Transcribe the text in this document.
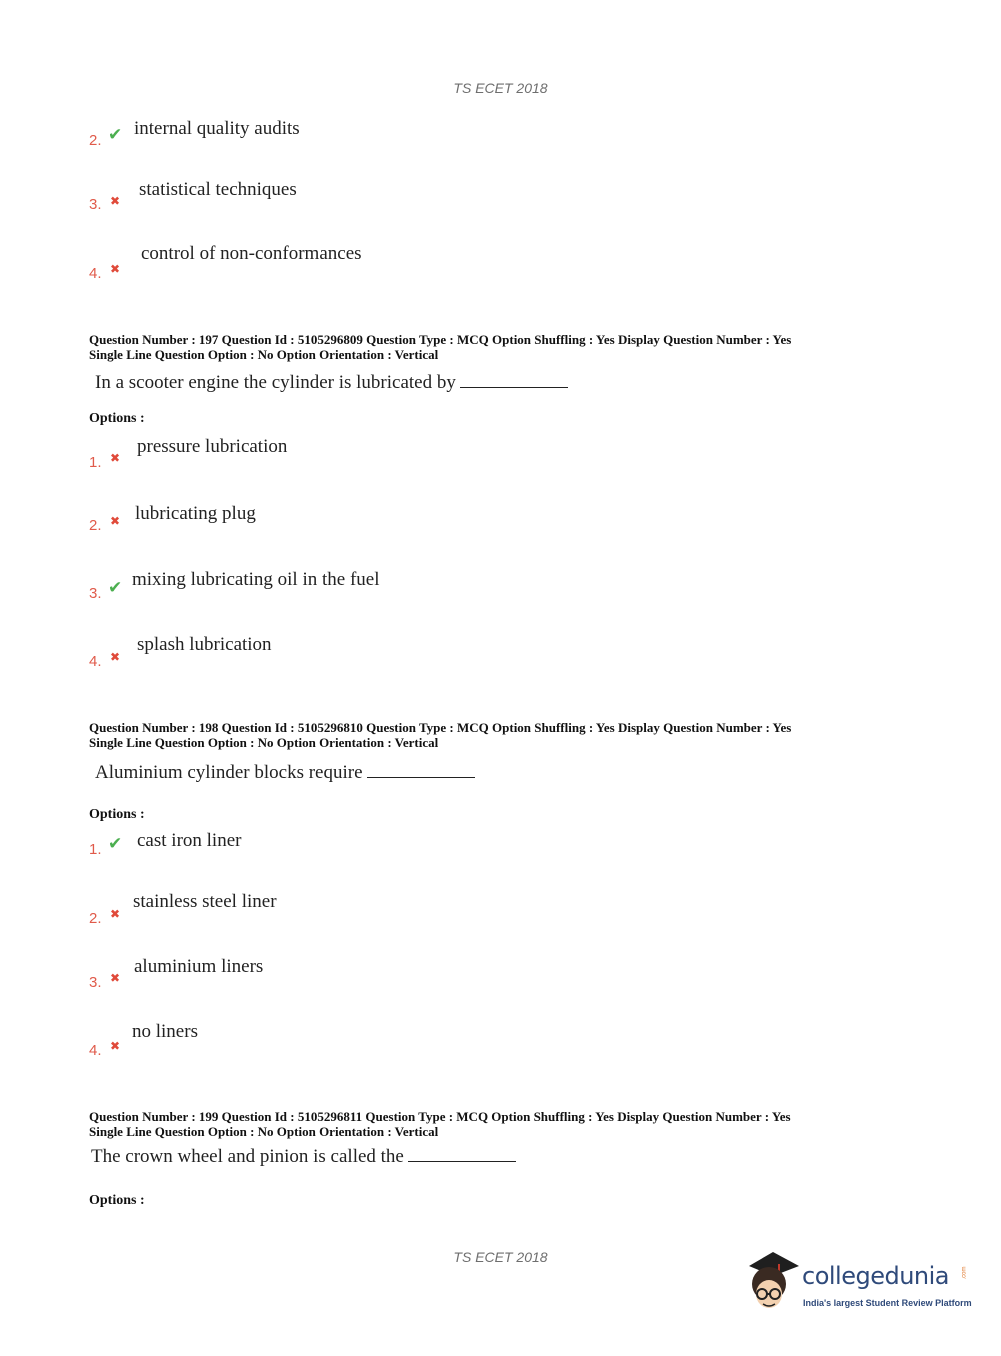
TS ECET 2018
2. ✔ internal quality audits
3. ✖
statistical techniques
4. ✖
control of non-conformances
Question Number : 197 Question Id : 5105296809 Question Type : MCQ Option Shuffling : Yes Display Question Number : Yes
Single Line Question Option : No Option Orientation : Vertical
In a scooter engine the cylinder is lubricated by
Options :
1. ✖
pressure lubrication
2. ✖ lubricating plug
3. ✔ mixing lubricating oil in the fuel
4. ✖
splash lubrication
Question Number : 198 Question Id : 5105296810 Question Type : MCQ Option Shuffling : Yes Display Question Number : Yes
Single Line Question Option : No Option Orientation : Vertical
Aluminium cylinder blocks require
Options :
1. ✔ cast iron liner
2. ✖
stainless steel liner
3. ✖
aluminium liners
4. ✖
no liners
Question Number : 199 Question Id : 5105296811 Question Type : MCQ Option Shuffling : Yes Display Question Number : Yes
Single Line Question Option : No Option Orientation : Vertical
The crown wheel and pinion is called the
Options :
TS ECET 2018
collegedunia .com
India's largest Student Review Platform
